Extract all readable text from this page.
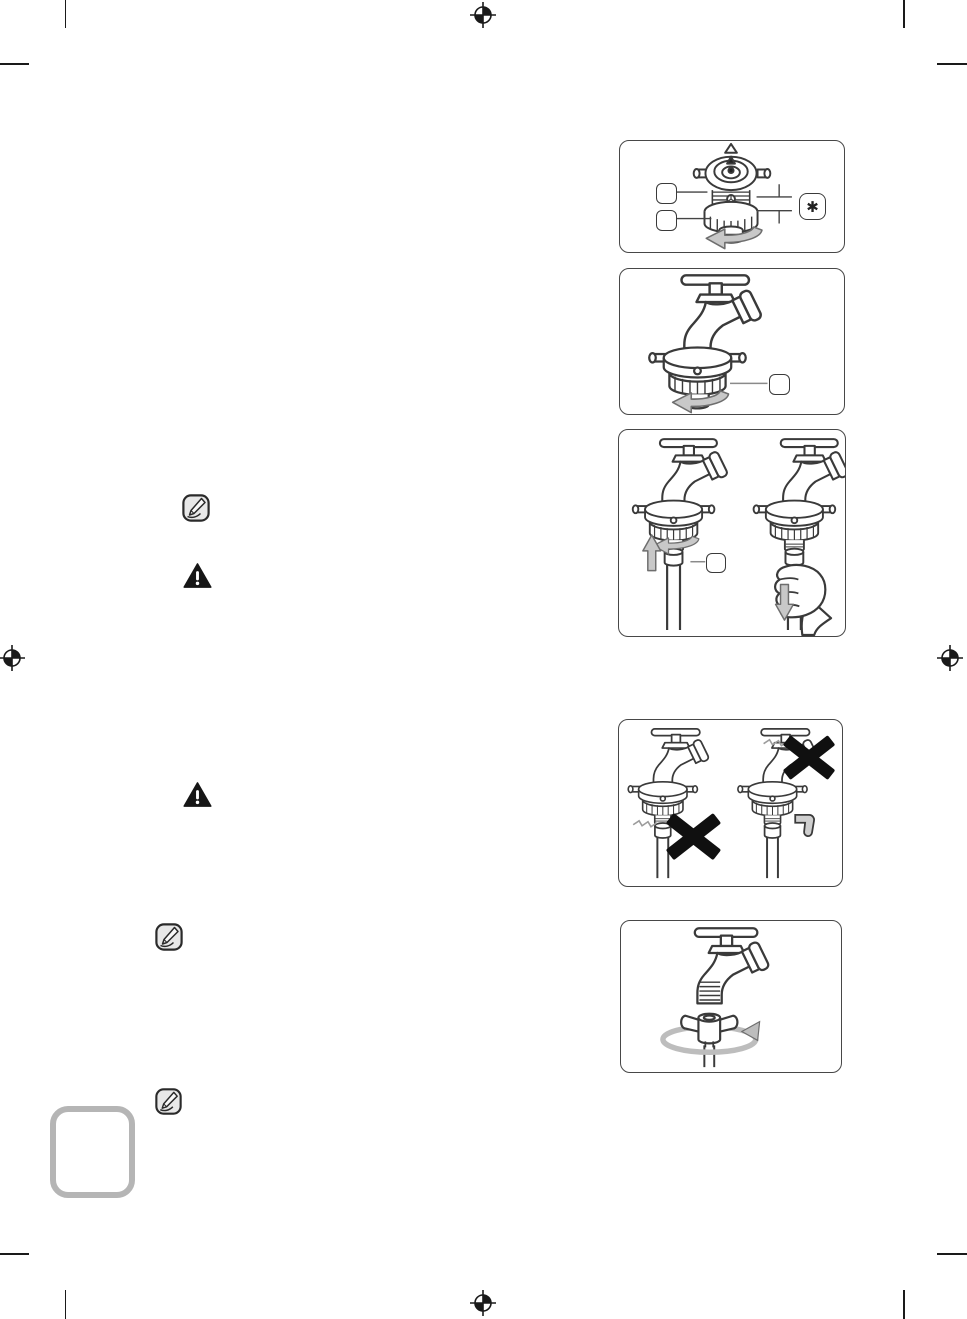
✱
